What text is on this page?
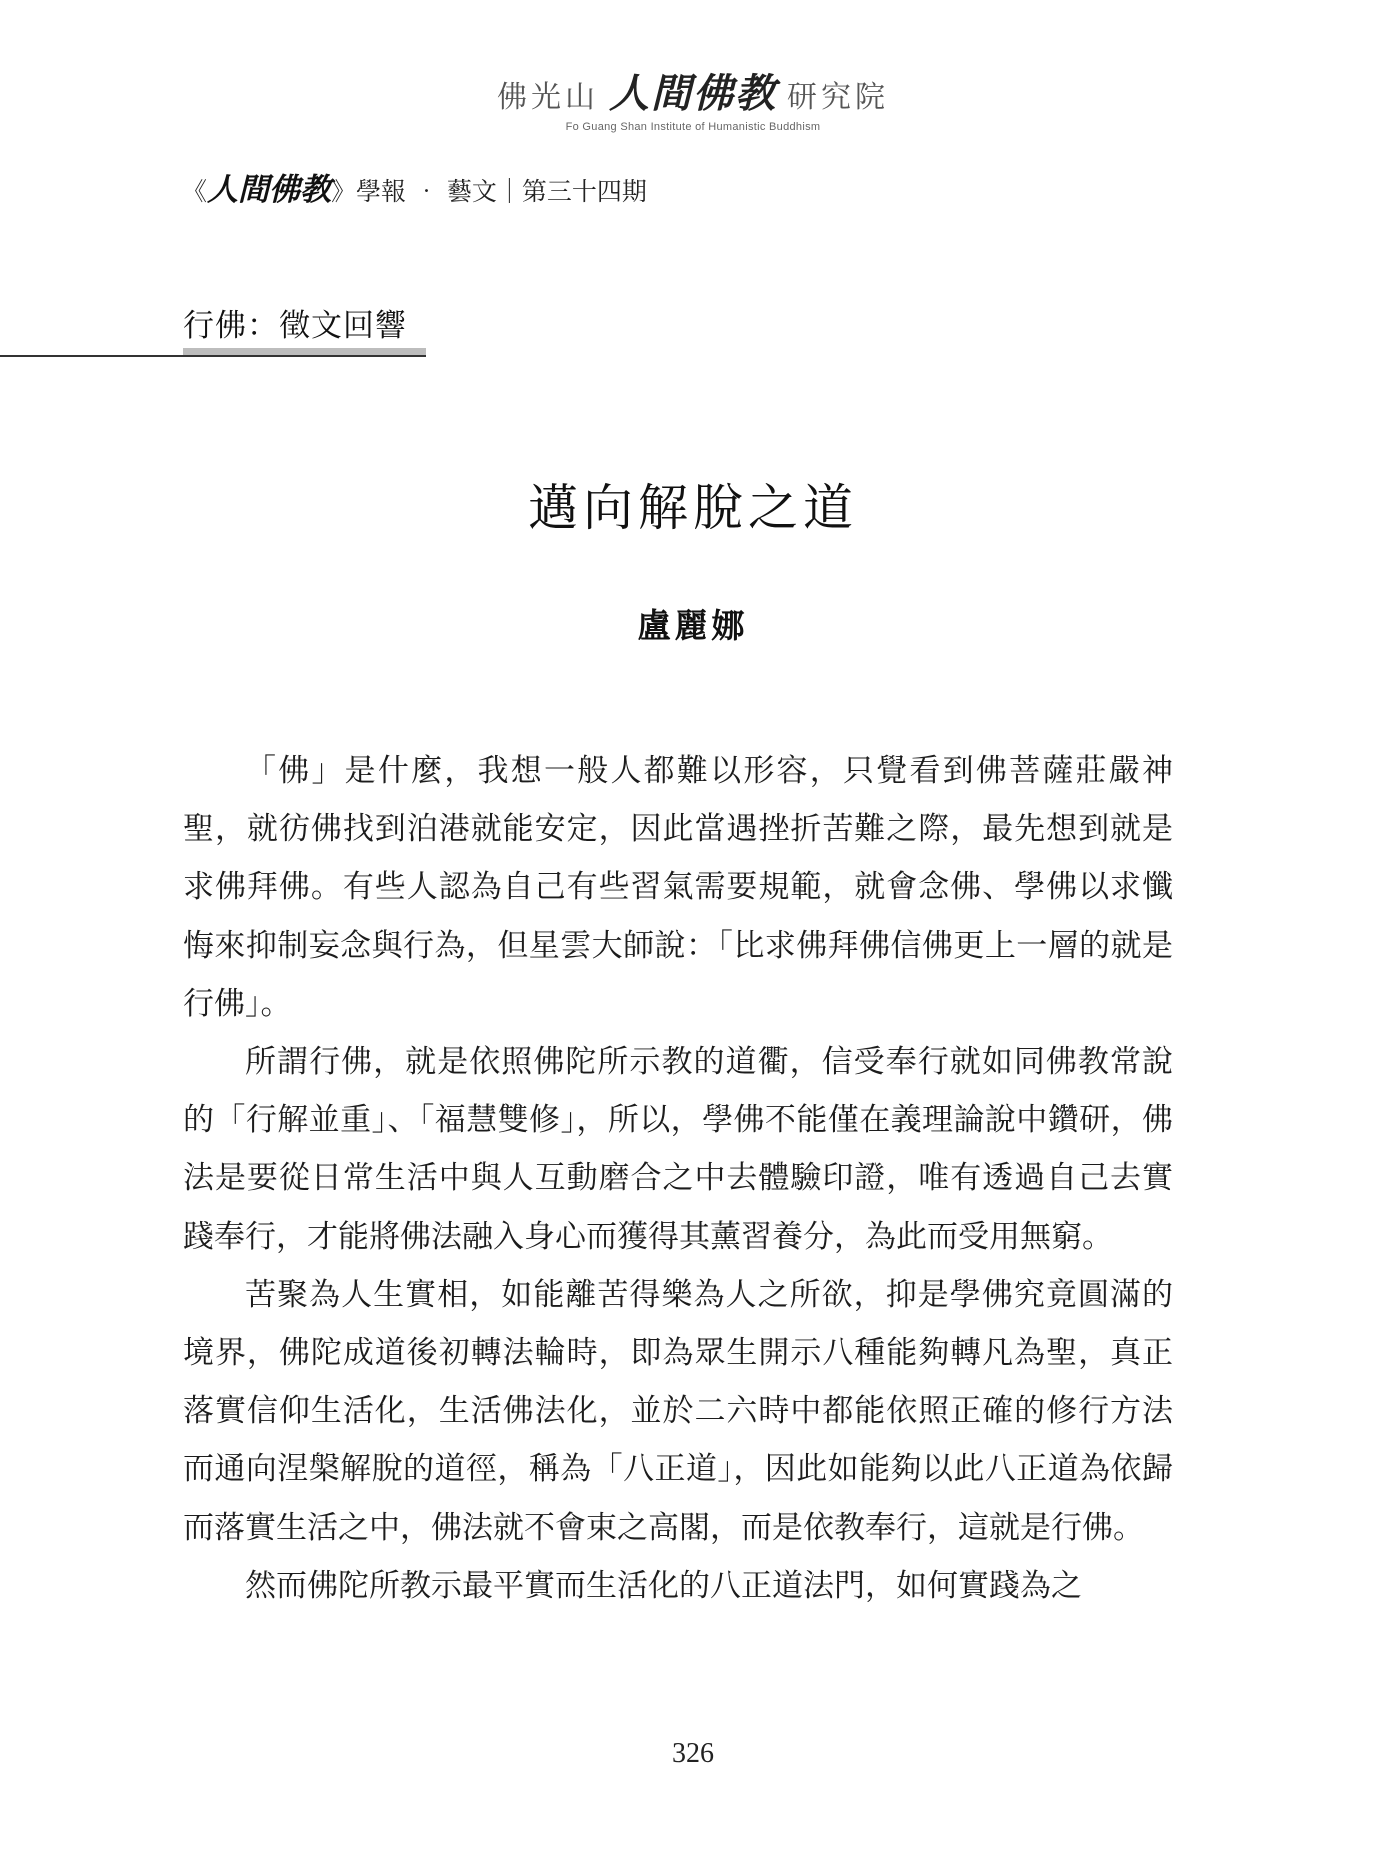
佛光山 人間佛教 研究院
Fo Guang Shan Institute of Humanistic Buddhism
《 人間佛教 》學報 ‧ 藝文｜第三十四期
行佛：徵文回響
邁向解脫之道
盧麗娜

「佛」是什麼，我想一般人都難以形容，只覺看到佛菩薩莊嚴神聖，就彷佛找到泊港就能安定，因此當遇挫折苦難之際，最先想到就是求佛拜佛。有些人認為自己有些習氣需要規範，就會念佛、學佛以求懺悔來抑制妄念與行為，但星雲大師說：「比求佛拜佛信佛更上一層的就是行佛」。

所謂行佛，就是依照佛陀所示教的道衢，信受奉行就如同佛教常說的「行解並重」、「福慧雙修」，所以，學佛不能僅在義理論說中鑽研，佛法是要從日常生活中與人互動磨合之中去體驗印證，唯有透過自己去實踐奉行，才能將佛法融入身心而獲得其薰習養分，為此而受用無窮。

苦聚為人生實相，如能離苦得樂為人之所欲，抑是學佛究竟圓滿的境界，佛陀成道後初轉法輪時，即為眾生開示八種能夠轉凡為聖，真正落實信仰生活化，生活佛法化，並於二六時中都能依照正確的修行方法而通向涅槃解脫的道徑，稱為「八正道」，因此如能夠以此八正道為依歸而落實生活之中，佛法就不會束之高閣，而是依教奉行，這就是行佛。

然而佛陀所教示最平實而生活化的八正道法門，如何實踐為之

326
